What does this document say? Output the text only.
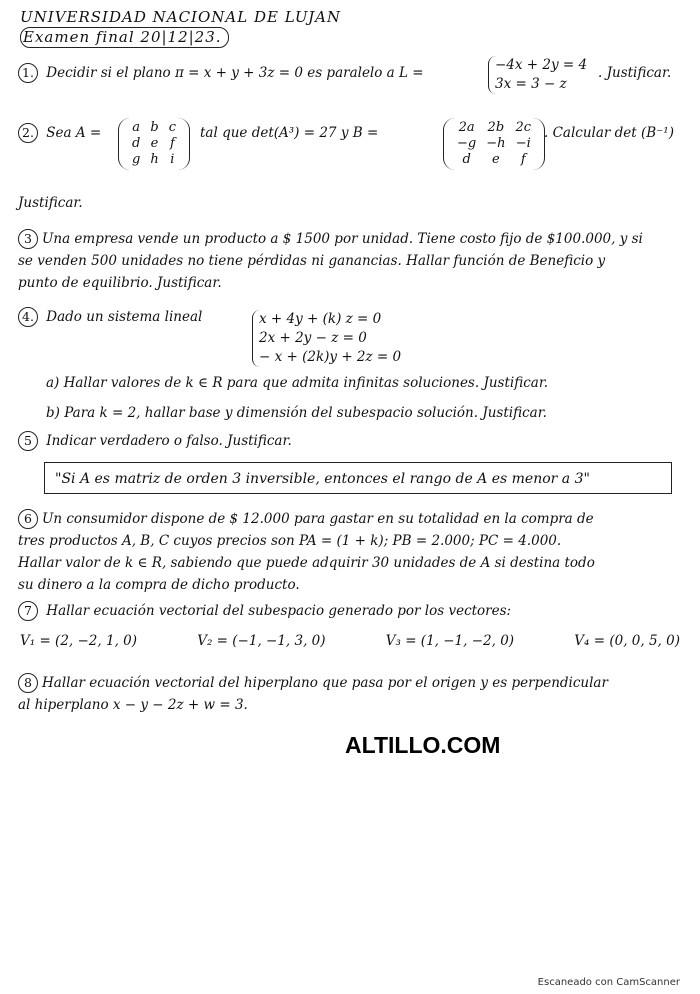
UNIVERSIDAD NACIONAL DE LUJAN
Examen final 20|12|23.
1. Decidir si el plano π = x + y + 3z = 0 es paralelo a L =	−4x + 2y = 4
3x = 3 − z
. Justificar.
2. Sea A =	a	b	c
d	e	f
g	h	i
tal que det(A³) = 27 y B =	2a	2b	2c
−g	−h	−i
d	e	f
. Calcular det (B⁻¹)
Justificar.
3 Una empresa vende un producto a $ 1500 por unidad. Tiene costo fijo de $100.000, y si
se venden 500 unidades no tiene pérdidas ni ganancias. Hallar función de Beneficio y
punto de equilibrio. Justificar.
4. Dado un sistema lineal	x + 4y + (k) z = 0
2x + 2y − z = 0
− x + (2k)y + 2z = 0
a) Hallar valores de k ∈ R para que admita infinitas soluciones. Justificar.
b) Para k = 2, hallar base y dimensión del subespacio solución. Justificar.
5 Indicar verdadero o falso. Justificar.
"Si A es matriz de orden 3 inversible, entonces el rango de A es menor a 3"
6 Un consumidor dispone de $ 12.000 para gastar en su totalidad en la compra de
tres productos A, B, C cuyos precios son PA = (1 + k); PB = 2.000; PC = 4.000.
Hallar valor de k ∈ R, sabiendo que puede adquirir 30 unidades de A si destina todo
su dinero a la compra de dicho producto.
7 Hallar ecuación vectorial del subespacio generado por los vectores:
V₁ = (2, −2, 1, 0)	V₂ = (−1, −1, 3, 0)	V₃ = (1, −1, −2, 0)	V₄ = (0, 0, 5, 0)
8 Hallar ecuación vectorial del hiperplano que pasa por el origen y es perpendicular
al hiperplano x − y − 2z + w = 3.
ALTILLO.COM
Escaneado con CamScanner
